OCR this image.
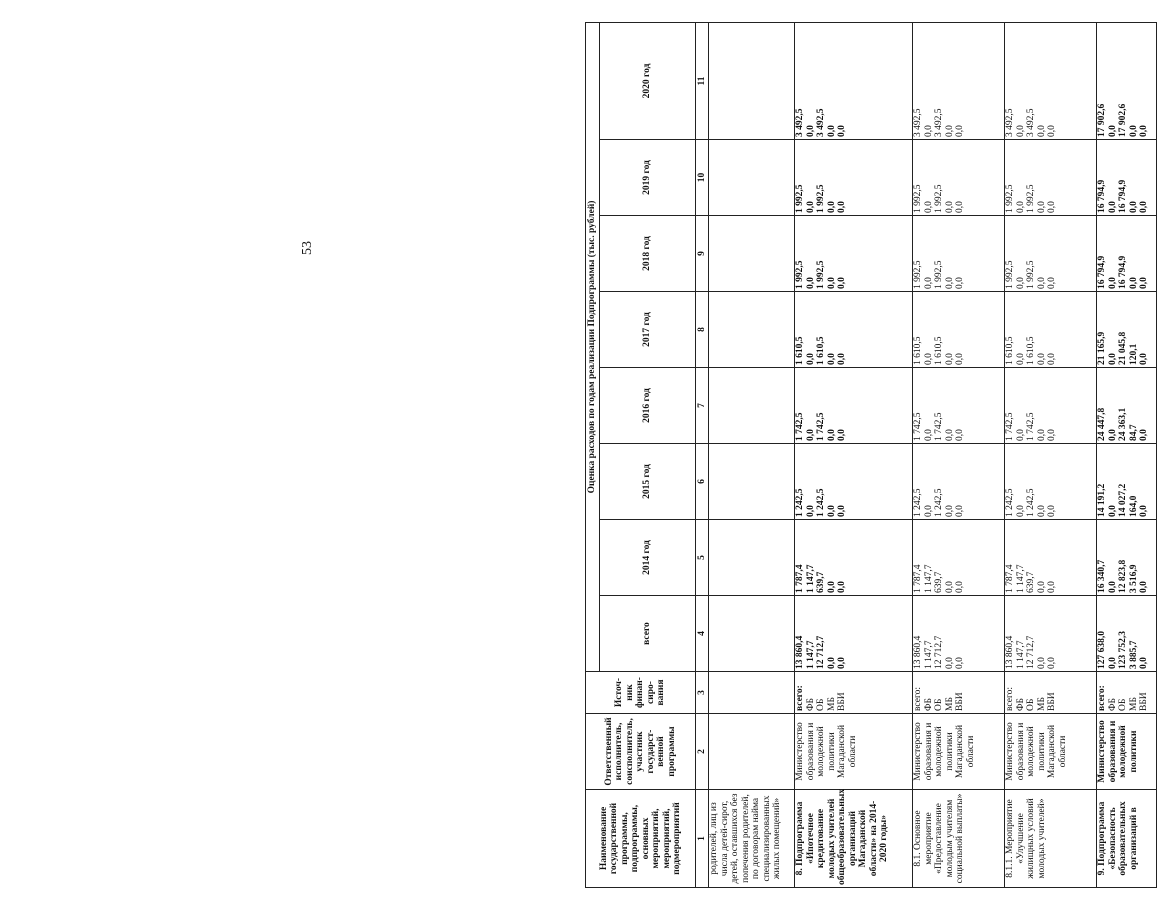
53
Наименование государственной программы, подпрограммы, основных мероприятий, мероприятий, подмероприятий	Ответственный исполнитель, соисполнитель, участник государст-венной программы	Источ-ник финан-сиро-вания	Оценка расходов по годам реализации Подпрограммы (тыс. рублей)							
			всего	2014 год	2015 год	2016 год	2017 год	2018 год	2019 год	2020 год
1	2	3	4	5	6	7	8	9	10	11
родителей, лиц из числа детей-сирот, детей, оставшихся без попечения родителей, по договорам найма специализированных жилых помещений»										
8. Подпрограмма «Ипотечное кредитование молодых учителей общеобразовательных организаций Магаданской области» на 2014-2020 годы»	Министерство образования и молодежной политики Магаданской области	всего: ФБ ОБ МБ ВБИ	13 860,4 1 147,7 12 712,7 0,0 0,0	1 787,4 1 147,7 639,7 0,0 0,0	1 242,5 0,0 1 242,5 0,0 0,0	1 742,5 0,0 1 742,5 0,0 0,0	1 610,5 0,0 1 610,5 0,0 0,0	1 992,5 0,0 1 992,5 0,0 0,0	1 992,5 0,0 1 992,5 0,0 0,0	3 492,5 0,0 3 492,5 0,0 0,0

8.1. Основное мероприятие «Предоставление молодым учителям социальной выплаты»	Министерство образования и молодежной политики Магаданской области	всего: ФБ ОБ МБ ВБИ	13 860,4 1 147,7 12 712,7 0,0 0,0	1 787,4 1 147,7 639,7 0,0 0,0	1 242,5 0,0 1 242,5 0,0 0,0	1 742,5 0,0 1 742,5 0,0 0,0	1 610,5 0,0 1 610,5 0,0 0,0	1 992,5 0,0 1 992,5 0,0 0,0	1 992,5 0,0 1 992,5 0,0 0,0	3 492,5 0,0 3 492,5 0,0 0,0

8.1.1. Мероприятие «Улучшение жилищных условий молодых учителей»	Министерство образования и молодежной политики Магаданской области	всего: ФБ ОБ МБ ВБИ	13 860,4 1 147,7 12 712,7 0,0 0,0	1 787,4 1 147,7 639,7 0,0 0,0	1 242,5 0,0 1 242,5 0,0 0,0	1 742,5 0,0 1 742,5 0,0 0,0	1 610,5 0,0 1 610,5 0,0 0,0	1 992,5 0,0 1 992,5 0,0 0,0	1 992,5 0,0 1 992,5 0,0 0,0	3 492,5 0,0 3 492,5 0,0 0,0

9. Подпрограмма «Безопасность образовательных организаций в	Министерство образования и молодежной политики	всего: ФБ ОБ МБ ВБИ	127 638,0 0,0 123 752,3 3 885,7 0,0	16 340,7 0,0 12 823,8 3 516,9 0,0	14 191,2 0,0 14 027,2 164,0 0,0	24 447,8 0,0 24 363,1 84,7 0,0	21 165,9 0,0 21 045,8 120,1 0,0	16 794,9 0,0 16 794,9 0,0 0,0	16 794,9 0,0 16 794,9 0,0 0,0	17 902,6 0,0 17 902,6 0,0 0,0
